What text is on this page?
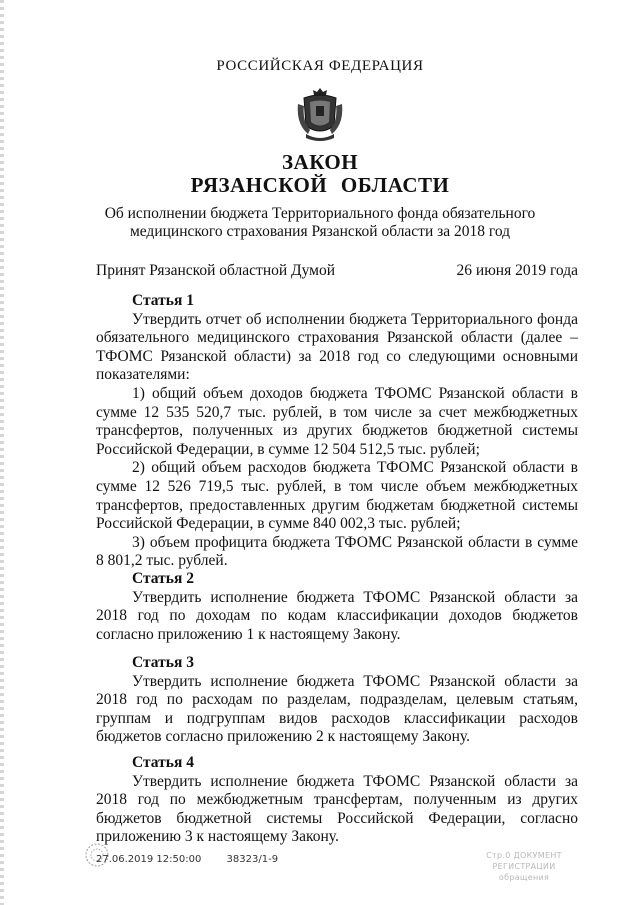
РОССИЙСКАЯ ФЕДЕРАЦИЯ
ЗАКОН
РЯЗАНСКОЙ ОБЛАСТИ
Об исполнении бюджета Территориального фонда обязательного медицинского страхования Рязанской области за 2018 год
Принят Рязанской областной Думой	26 июня 2019 года

Статья 1

Утвердить отчет об исполнении бюджета Территориального фонда обязательного медицинского страхования Рязанской области (далее – ТФОМС Рязанской области) за 2018 год со следующими основными показателями:

1) общий объем доходов бюджета ТФОМС Рязанской области в сумме 12 535 520,7 тыс. рублей, в том числе за счет межбюджетных трансфертов, полученных из других бюджетов бюджетной системы Российской Федерации, в сумме 12 504 512,5 тыс. рублей;

2) общий объем расходов бюджета ТФОМС Рязанской области в сумме 12 526 719,5 тыс. рублей, в том числе объем межбюджетных трансфертов, предоставленных другим бюджетам бюджетной системы Российской Федерации, в сумме 840 002,3 тыс. рублей;

3) объем профицита бюджета ТФОМС Рязанской области в сумме 8 801,2 тыс. рублей.

Статья 2

Утвердить исполнение бюджета ТФОМС Рязанской области за 2018 год по доходам по кодам классификации доходов бюджетов согласно приложению 1 к настоящему Закону.

Статья 3

Утвердить исполнение бюджета ТФОМС Рязанской области за 2018 год по расходам по разделам, подразделам, целевым статьям, группам и подгруппам видов расходов классификации расходов бюджетов согласно приложению 2 к настоящему Закону.

Статья 4

Утвердить исполнение бюджета ТФОМС Рязанской области за 2018 год по межбюджетным трансфертам, полученным из других бюджетов бюджетной системы Российской Федерации, согласно приложению 3 к настоящему Закону.

27.06.2019 12:50:00	38323/1-9	Стр.0 ДОКУМЕНТ РЕГИСТРАЦИИ
обращения
